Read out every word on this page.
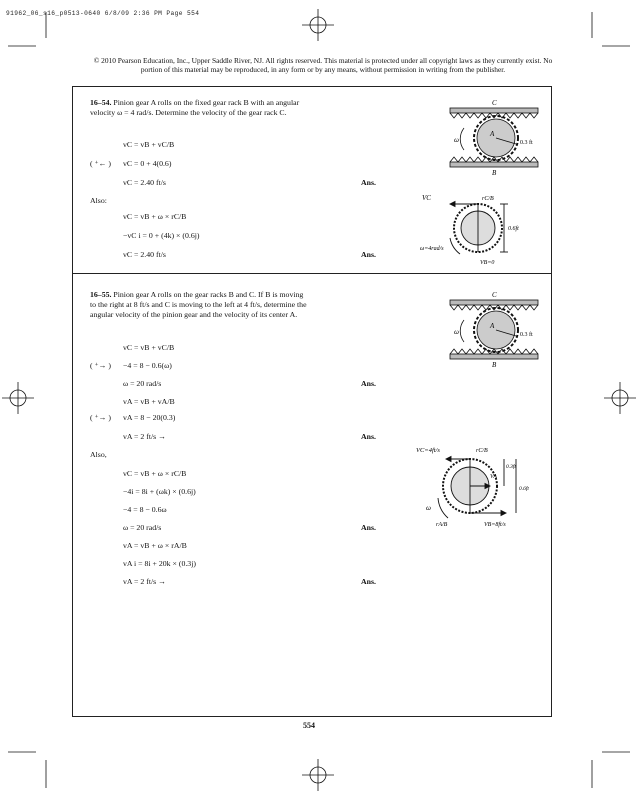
91962_06_s16_p0513-0640 6/8/09 2:36 PM Page 554
© 2010 Pearson Education, Inc., Upper Saddle River, NJ. All rights reserved. This material is protected under all copyright laws as they currently exist. No portion of this material may be reproduced, in any form or by any means, without permission in writing from the publisher.
16–54. Pinion gear A rolls on the fixed gear rack B with an angular velocity ω = 4 rad/s. Determine the velocity of the gear rack C.
vC = vB + vC/B
( ⁺← ) vC = 0 + 4(0.6)
vC = 2.40 ft/s	Ans.
Also:
vC = vB + ω × rC/B
−vC i = 0 + (4k) × (0.6j)
vC = 2.40 ft/s	Ans.
C
A
B
ω	0.3 ft
VC	rC/B
0.6ft
ω=4rad/s
VB=0
16–55. Pinion gear A rolls on the gear racks B and C. If B is moving to the right at 8 ft/s and C is moving to the left at 4 ft/s, determine the angular velocity of the pinion gear and the velocity of its center A.
vC = vB + vC/B
( ⁺→ ) −4 = 8 − 0.6(ω)
ω = 20 rad/s	Ans.
vA = vB + vA/B
( ⁺→ ) vA = 8 − 20(0.3)
vA = 2 ft/s →	Ans.
Also,
vC = vB + ω × rC/B
−4i = 8i + (ωk) × (0.6j)
−4 = 8 − 0.6ω
ω = 20 rad/s	Ans.
vA = vB + ω × rA/B
vA i = 8i + 20k × (0.3j)
vA = 2 ft/s →	Ans.
C
A
B
ω	0.3 ft
VC=4ft/s	rC/B
VA
0.3ft
0.6ft
rA/B	VB=8ft/s
ω
554
